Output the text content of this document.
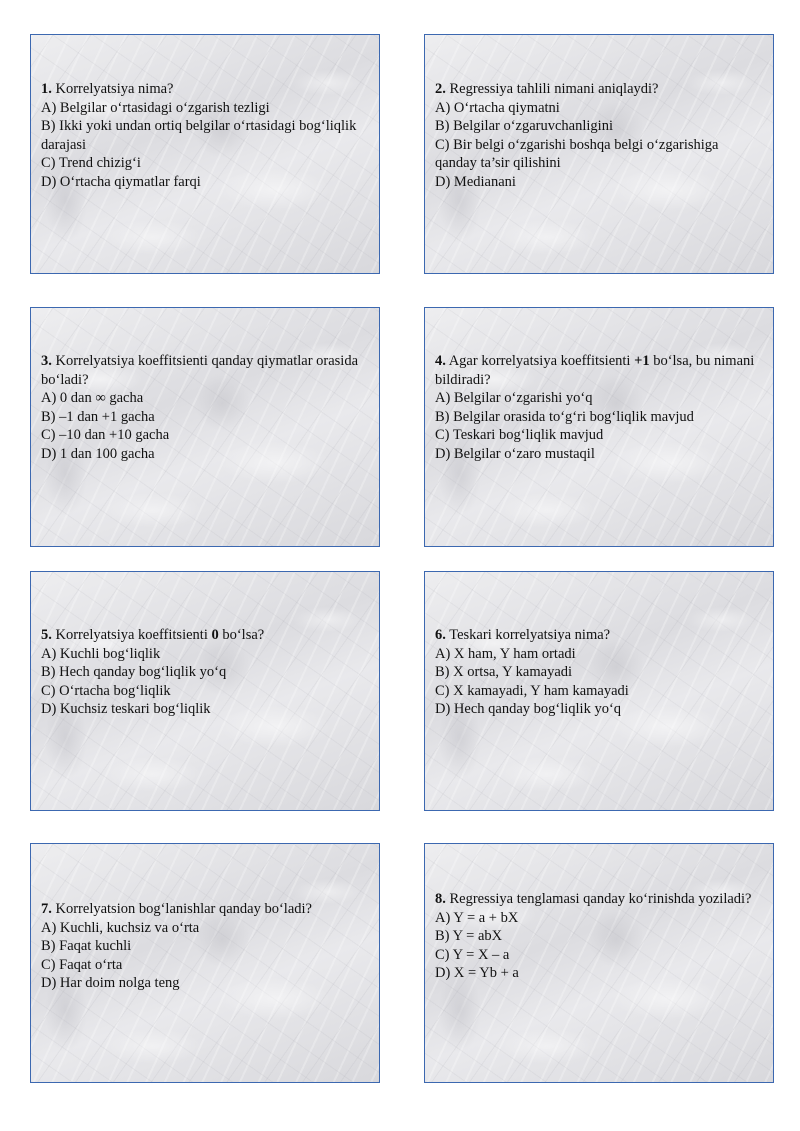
1. Korrelyatsiya nima?

A) Belgilar o‘rtasidagi o‘zgarish tezligi

B) Ikki yoki undan ortiq belgilar o‘rtasidagi bog‘liqlik darajasi

C) Trend chizig‘i

D) O‘rtacha qiymatlar farqi

2. Regressiya tahlili nimani aniqlaydi?

A) O‘rtacha qiymatni

B) Belgilar o‘zgaruvchanligini

C) Bir belgi o‘zgarishi boshqa belgi o‘zgarishiga qanday ta’sir qilishini

D) Medianani

3. Korrelyatsiya koeffitsienti qanday qiymatlar orasida bo‘ladi?

A) 0 dan ∞ gacha

B) –1 dan +1 gacha

C) –10 dan +10 gacha

D) 1 dan 100 gacha

4. Agar korrelyatsiya koeffitsienti +1 bo‘lsa, bu nimani bildiradi?

A) Belgilar o‘zgarishi yo‘q

B) Belgilar orasida to‘g‘ri bog‘liqlik mavjud

C) Teskari bog‘liqlik mavjud

D) Belgilar o‘zaro mustaqil

5. Korrelyatsiya koeffitsienti 0 bo‘lsa?

A) Kuchli bog‘liqlik

B) Hech qanday bog‘liqlik yo‘q

C) O‘rtacha bog‘liqlik

D) Kuchsiz teskari bog‘liqlik

6. Teskari korrelyatsiya nima?

A) X ham, Y ham ortadi

B) X ortsa, Y kamayadi

C) X kamayadi, Y ham kamayadi

D) Hech qanday bog‘liqlik yo‘q

7. Korrelyatsion bog‘lanishlar qanday bo‘ladi?

A) Kuchli, kuchsiz va o‘rta

B) Faqat kuchli

C) Faqat o‘rta

D) Har doim nolga teng

8. Regressiya tenglamasi qanday ko‘rinishda yoziladi?

A) Y = a + bX

B) Y = abX

C) Y = X – a

D) X = Yb + a
